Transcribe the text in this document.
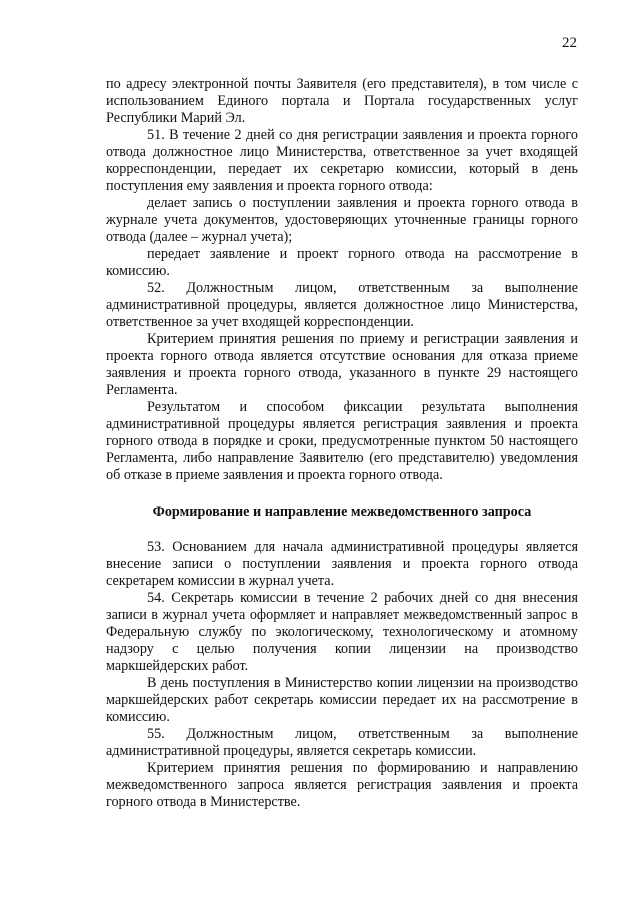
22

по адресу электронной почты Заявителя (его представителя), в том числе с использованием Единого портала и Портала государственных услуг Республики Марий Эл.

51. В течение 2 дней со дня регистрации заявления и проекта горного отвода должностное лицо Министерства, ответственное за учет входящей корреспонденции, передает их секретарю комиссии, который в день поступления ему заявления и проекта горного отвода:

делает запись о поступлении заявления и проекта горного отвода в журнале учета документов, удостоверяющих уточненные границы горного отвода (далее – журнал учета);

передает заявление и проект горного отвода на рассмотрение в комиссию.

52. Должностным лицом, ответственным за выполнение административной процедуры, является должностное лицо Министерства, ответственное за учет входящей корреспонденции.

Критерием принятия решения по приему и регистрации заявления и проекта горного отвода является отсутствие основания для отказа приеме заявления и проекта горного отвода, указанного в пункте 29 настоящего Регламента.

Результатом и способом фиксации результата выполнения административной процедуры является регистрация заявления и проекта горного отвода в порядке и сроки, предусмотренные пунктом 50 настоящего Регламента, либо направление Заявителю (его представителю) уведомления об отказе в приеме заявления и проекта горного отвода.

Формирование и направление межведомственного запроса

53. Основанием для начала административной процедуры является внесение записи о поступлении заявления и проекта горного отвода секретарем комиссии в журнал учета.

54. Секретарь комиссии в течение 2 рабочих дней со дня внесения записи в журнал учета оформляет и направляет межведомственный запрос в Федеральную службу по экологическому, технологическому и атомному надзору с целью получения копии лицензии на производство маркшейдерских работ.

В день поступления в Министерство копии лицензии на производство маркшейдерских работ секретарь комиссии передает их на рассмотрение в комиссию.

55. Должностным лицом, ответственным за выполнение административной процедуры, является секретарь комиссии.

Критерием принятия решения по формированию и направлению межведомственного запроса является регистрация заявления и проекта горного отвода в Министерстве.
